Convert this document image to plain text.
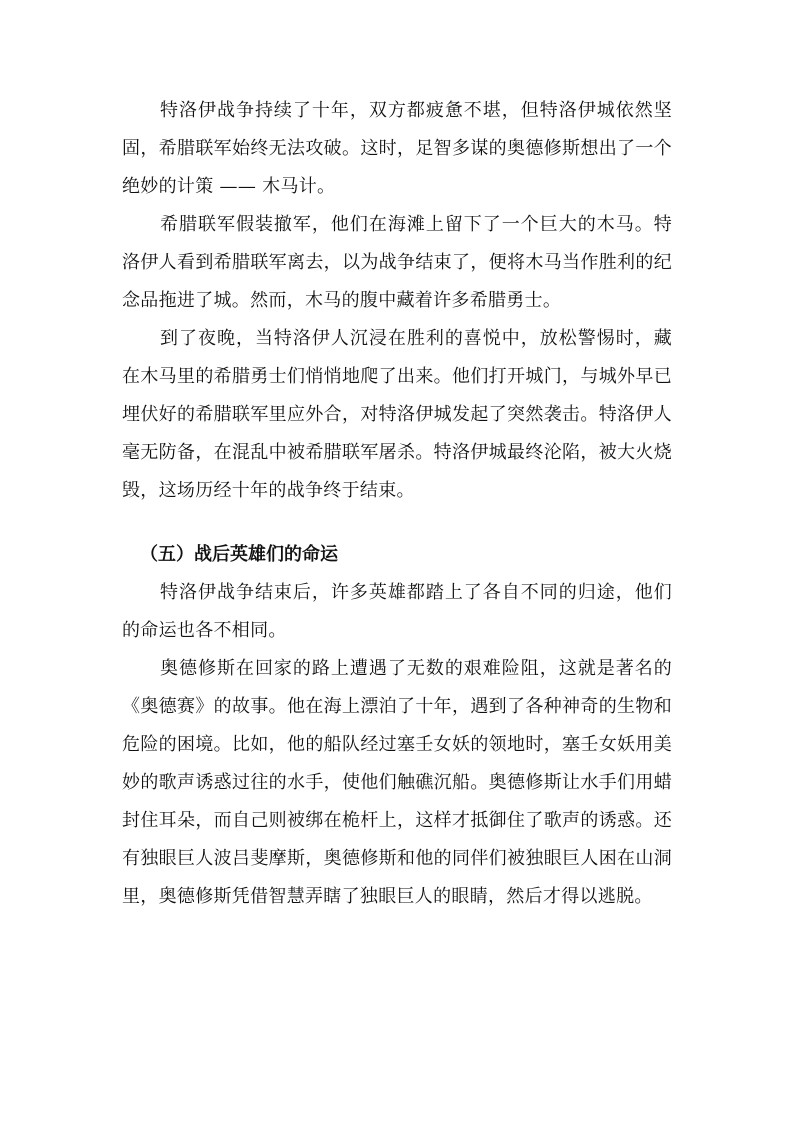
特洛伊战争持续了十年，双方都疲惫不堪，但特洛伊城依然坚固，希腊联军始终无法攻破。这时，足智多谋的奥德修斯想出了一个绝妙的计策 —— 木马计。

希腊联军假装撤军，他们在海滩上留下了一个巨大的木马。特洛伊人看到希腊联军离去，以为战争结束了，便将木马当作胜利的纪念品拖进了城。然而，木马的腹中藏着许多希腊勇士。

到了夜晚，当特洛伊人沉浸在胜利的喜悦中，放松警惕时，藏在木马里的希腊勇士们悄悄地爬了出来。他们打开城门，与城外早已埋伏好的希腊联军里应外合，对特洛伊城发起了突然袭击。特洛伊人毫无防备，在混乱中被希腊联军屠杀。特洛伊城最终沦陷，被大火烧毁，这场历经十年的战争终于结束。

（五）战后英雄们的命运

特洛伊战争结束后，许多英雄都踏上了各自不同的归途，他们的命运也各不相同。

奥德修斯在回家的路上遭遇了无数的艰难险阻，这就是著名的《奥德赛》的故事。他在海上漂泊了十年，遇到了各种神奇的生物和危险的困境。比如，他的船队经过塞壬女妖的领地时，塞壬女妖用美妙的歌声诱惑过往的水手，使他们触礁沉船。奥德修斯让水手们用蜡封住耳朵，而自己则被绑在桅杆上，这样才抵御住了歌声的诱惑。还有独眼巨人波吕斐摩斯，奥德修斯和他的同伴们被独眼巨人困在山洞里，奥德修斯凭借智慧弄瞎了独眼巨人的眼睛，然后才得以逃脱。
